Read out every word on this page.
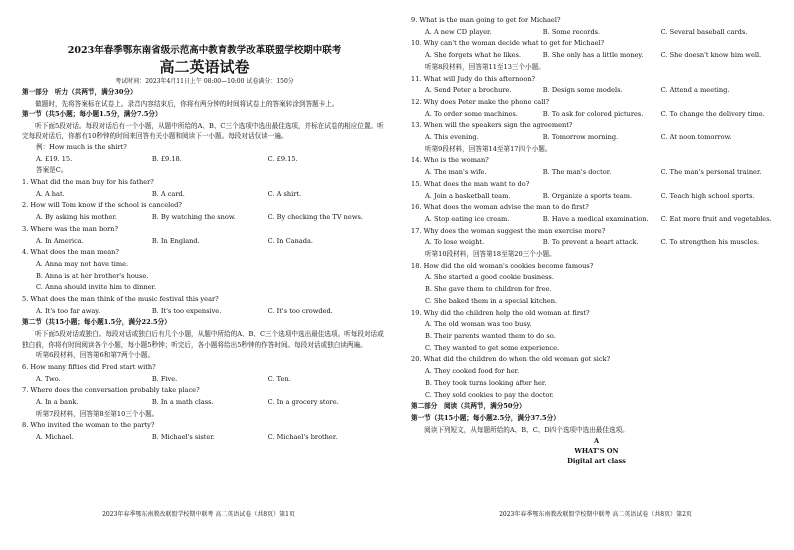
2023年春季鄂东南省级示范高中教育教学改革联盟学校期中联考
高二英语试卷
考试时间：2023年4月11日上午 08:00—10:00 试卷满分：150分
第一部分　听力（共两节，满分30分）
　　做题时，先将答案标在试卷上。录音内容结束后，你将有两分钟的时间将试卷上的答案转涂到答题卡上。
第一节（共5小题；每小题1.5分，满分7.5分）
　　听下面5段对话。每段对话后有一个小题，从题中所给的A、B、C三个选项中选出最佳选项，并标在试卷的相应位置。听完每段对话后，你都有10秒钟的时间来回答有关小题和阅读下一小题。每段对话仅读一遍。
例：How much is the shirt?
A. £19. 15.	B. £9.18.	C. £9.15.
答案是C。
1. What did the man buy for his father?
A. A hat.	B. A card.	C. A shirt.
2. How will Tom know if the school is canceled?
A. By asking his mother.	B. By watching the snow.	C. By checking the TV news.
3. Where was the man born?
A. In America.	B. In England.	C. In Canada.
4. What does the man mean?
A. Anna may not have time.
B. Anna is at her brother's house.
C. Anna should invite him to dinner.
5. What does the man think of the music festival this year?
A. It's too far away.	B. It's too expensive.	C. It's too crowded.
第二节（共15小题；每小题1.5分，满分22.5分）
　　听下面5段对话或独白。每段对话或独白后有几个小题，从题中所给的A、B、C三个选项中选出最佳选项。听每段对话或独白前，你将有时间阅读各个小题，每小题5秒钟；听完后，各小题将给出5秒钟的作答时间。每段对话或独白读两遍。
听第6段材料，回答第6和第7两个小题。
6. How many fifties did Fred start with?
A. Two.	B. Five.	C. Ten.
7. Where does the conversation probably take place?
A. In a bank.	B. In a math class.	C. In a grocery store.
听第7段材料，回答第8至第10三个小题。
8. Who invited the woman to the party?
A. Michael.	B. Michael's sister.	C. Michael's brother.
2023年春季鄂东南教改联盟学校期中联考 高二英语试卷（共8页）第1页
9. What is the man going to get for Michael?
A. A new CD player.	B. Some records.	C. Several baseball cards.
10. Why can't the woman decide what to get for Michael?
A. She forgets what he likes.	B. She only has a little money.	C. She doesn't know him well.
听第8段材料，回答第11至13三个小题。
11. What will Judy do this afternoon?
A. Send Peter a brochure.	B. Design some models.	C. Attend a meeting.
12. Why does Peter make the phone call?
A. To order some machines.	B. To ask for colored pictures.	C. To change the delivery time.
13. When will the speakers sign the agreement?
A. This evening.	B. Tomorrow morning.	C. At noon tomorrow.
听第9段材料，回答第14至第17四个小题。
14. Who is the woman?
A. The man's wife.	B. The man's doctor.	C. The man's personal trainer.
15. What does the man want to do?
A. Join a basketball team.	B. Organize a sports team.	C. Teach high school sports.
16. What does the woman advise the man to do first?
A. Stop eating ice cream.	B. Have a medical examination.	C. Eat more fruit and vegetables.
17. Why does the woman suggest the man exercise more?
A. To lose weight.	B. To prevent a heart attack.	C. To strengthen his muscles.
听第10段材料，回答第18至第20三个小题。
18. How did the old woman's cookies become famous?
A. She started a good cookie business.
B. She gave them to children for free.
C. She baked them in a special kitchen.
19. Why did the children help the old woman at first?
A. The old woman was too busy.
B. Their parents wanted them to do so.
C. They wanted to get some experience.
20. What did the children do when the old woman got sick?
A. They cooked food for her.
B. They took turns looking after her.
C. They sold cookies to pay the doctor.
第二部分　阅读（共两节，满分50分）
第一节（共15小题；每小题2.5分，满分37.5分）
　　阅读下列短文，从每题所给的A、B、C、D四个选项中选出最佳选项。
A
WHAT'S ON
Digital art class
2023年春季鄂东南教改联盟学校期中联考 高二英语试卷（共8页）第2页
